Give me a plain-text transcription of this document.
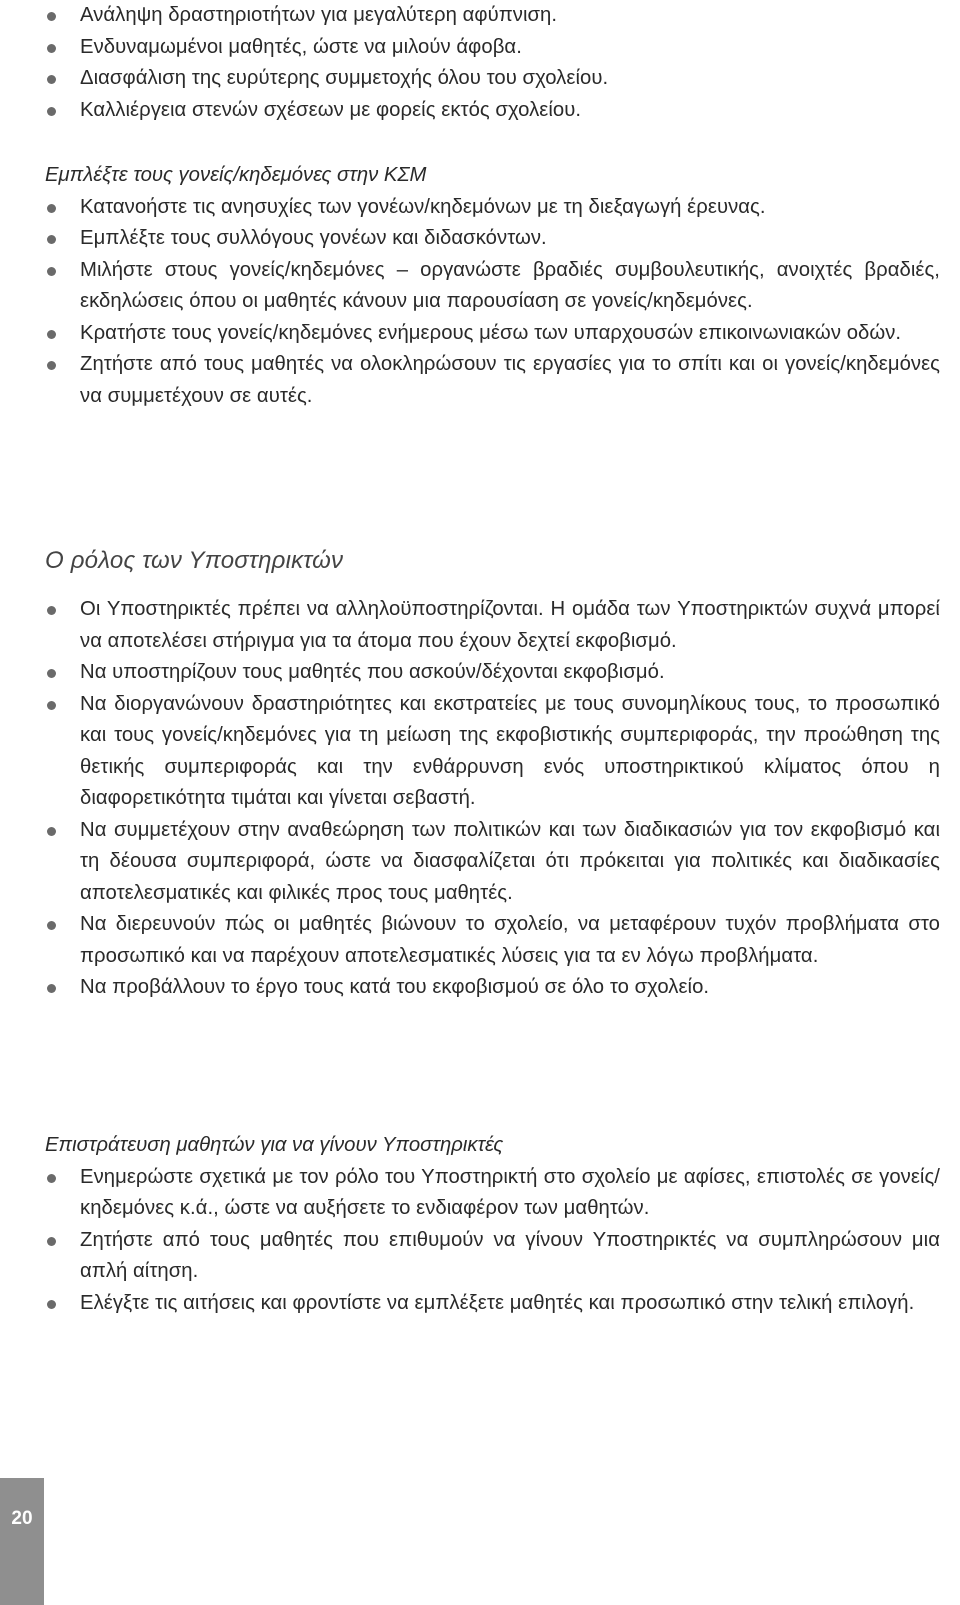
Ανάληψη δραστηριοτήτων για μεγαλύτερη αφύπνιση.
Ενδυναμωμένοι μαθητές, ώστε να μιλούν άφοβα.
Διασφάλιση της ευρύτερης συμμετοχής όλου του σχολείου.
Καλλιέργεια στενών σχέσεων με φορείς εκτός σχολείου.
Εμπλέξτε τους γονείς/κηδεμόνες στην ΚΣΜ
Κατανοήστε τις ανησυχίες των γονέων/κηδεμόνων με τη διεξαγωγή έρευνας.
Εμπλέξτε τους συλλόγους γονέων και διδασκόντων.
Μιλήστε στους γονείς/κηδεμόνες – οργανώστε βραδιές συμβουλευτικής, ανοιχτές βραδιές, εκδηλώσεις όπου οι μαθητές κάνουν μια παρουσίαση σε γονείς/κηδεμόνες.
Κρατήστε τους γονείς/κηδεμόνες ενήμερους μέσω των υπαρχουσών επικοινωνιακών οδών.
Ζητήστε από τους μαθητές να ολοκληρώσουν τις εργασίες για το σπίτι και οι γονείς/κηδεμόνες να συμμετέχουν σε αυτές.
Ο ρόλος των Υποστηρικτών
Οι Υποστηρικτές πρέπει να αλληλοϋποστηρίζονται. Η ομάδα των Υποστηρικτών συχνά μπορεί να αποτελέσει στήριγμα για τα άτομα που έχουν δεχτεί εκφοβισμό.
Να υποστηρίζουν τους μαθητές που ασκούν/δέχονται εκφοβισμό.
Να διοργανώνουν δραστηριότητες και εκστρατείες με τους συνομηλίκους τους, το προσωπικό και τους γονείς/κηδεμόνες για τη μείωση της εκφοβιστικής συμπεριφοράς, την προώθηση της θετικής συμπεριφοράς και την ενθάρρυνση ενός υποστηρικτικού κλίματος όπου η διαφορετικότητα τιμάται και γίνεται σεβαστή.
Να συμμετέχουν στην αναθεώρηση των πολιτικών και των διαδικασιών για τον εκφοβισμό και τη δέουσα συμπεριφορά, ώστε να διασφαλίζεται ότι πρόκειται για πολιτικές και διαδικασίες αποτελεσματικές και φιλικές προς τους μαθητές.
Να διερευνούν πώς οι μαθητές βιώνουν το σχολείο, να μεταφέρουν τυχόν προβλήματα στο προσωπικό και να παρέχουν αποτελεσματικές λύσεις για τα εν λόγω προβλήματα.
Να προβάλλουν το έργο τους κατά του εκφοβισμού σε όλο το σχολείο.
Επιστράτευση μαθητών για να γίνουν Υποστηρικτές
Ενημερώστε σχετικά με τον ρόλο του Υποστηρικτή στο σχολείο με αφίσες, επιστολές σε γονείς/κηδεμόνες κ.ά., ώστε να αυξήσετε το ενδιαφέρον των μαθητών.
Ζητήστε από τους μαθητές που επιθυμούν να γίνουν Υποστηρικτές να συμπληρώσουν μια απλή αίτηση.
Ελέγξτε τις αιτήσεις και φροντίστε να εμπλέξετε μαθητές και προσωπικό στην τελική επιλογή.
20
